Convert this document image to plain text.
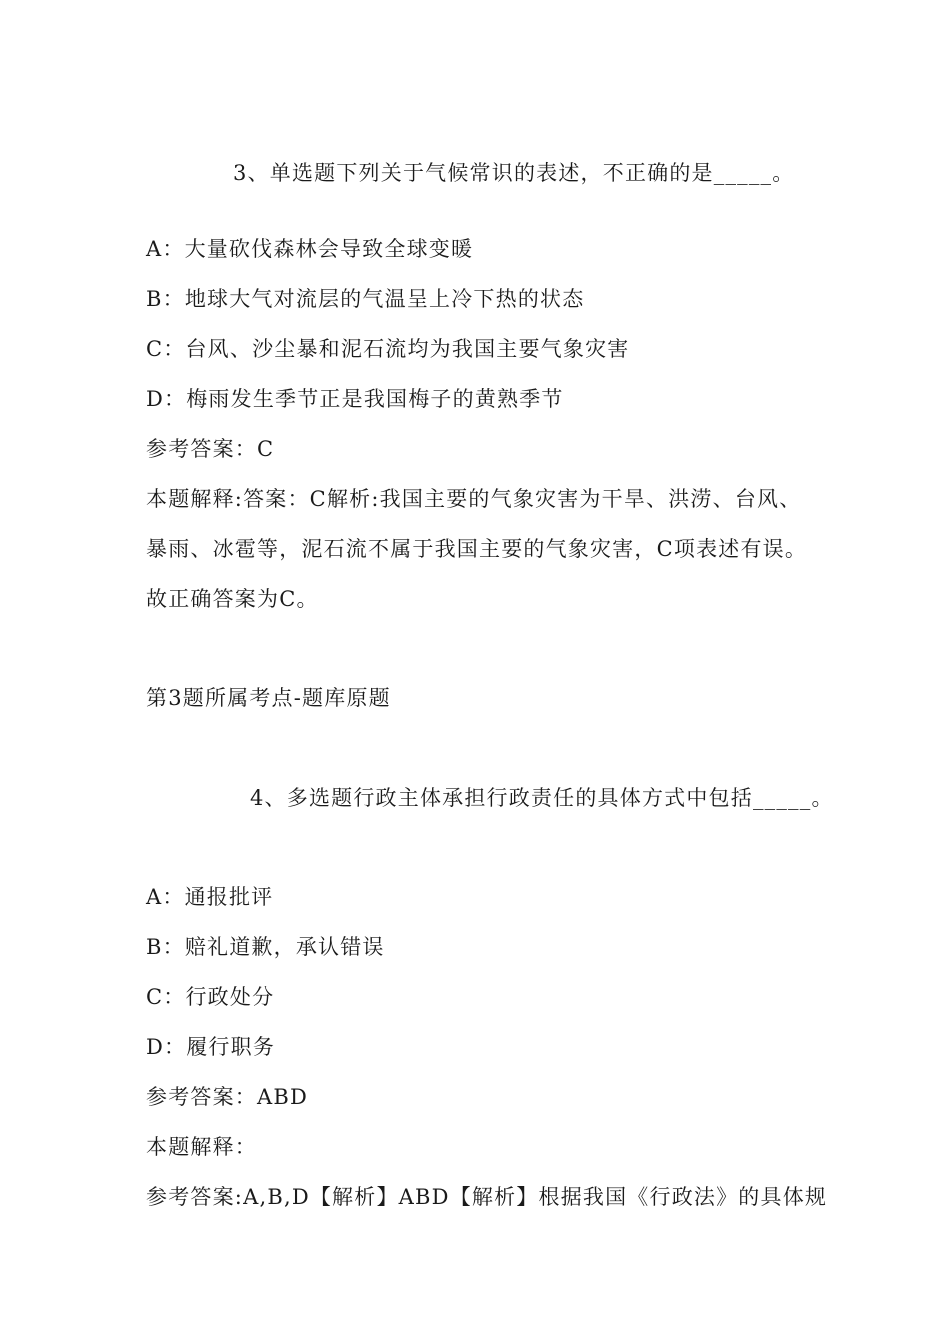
3、单选题下列关于气候常识的表述，不正确的是_____。

A：大量砍伐森林会导致全球变暖

B：地球大气对流层的气温呈上冷下热的状态

C：台风、沙尘暴和泥石流均为我国主要气象灾害

D：梅雨发生季节正是我国梅子的黄熟季节

参考答案：C

本题解释:答案：C解析:我国主要的气象灾害为干旱、洪涝、台风、

暴雨、冰雹等，泥石流不属于我国主要的气象灾害，C项表述有误。

故正确答案为C。

第3题所属考点-题库原题

4、多选题行政主体承担行政责任的具体方式中包括_____。

A：通报批评

B：赔礼道歉，承认错误

C：行政处分

D：履行职务

参考答案：ABD

本题解释：

参考答案:A,B,D【解析】ABD【解析】根据我国《行政法》的具体规
